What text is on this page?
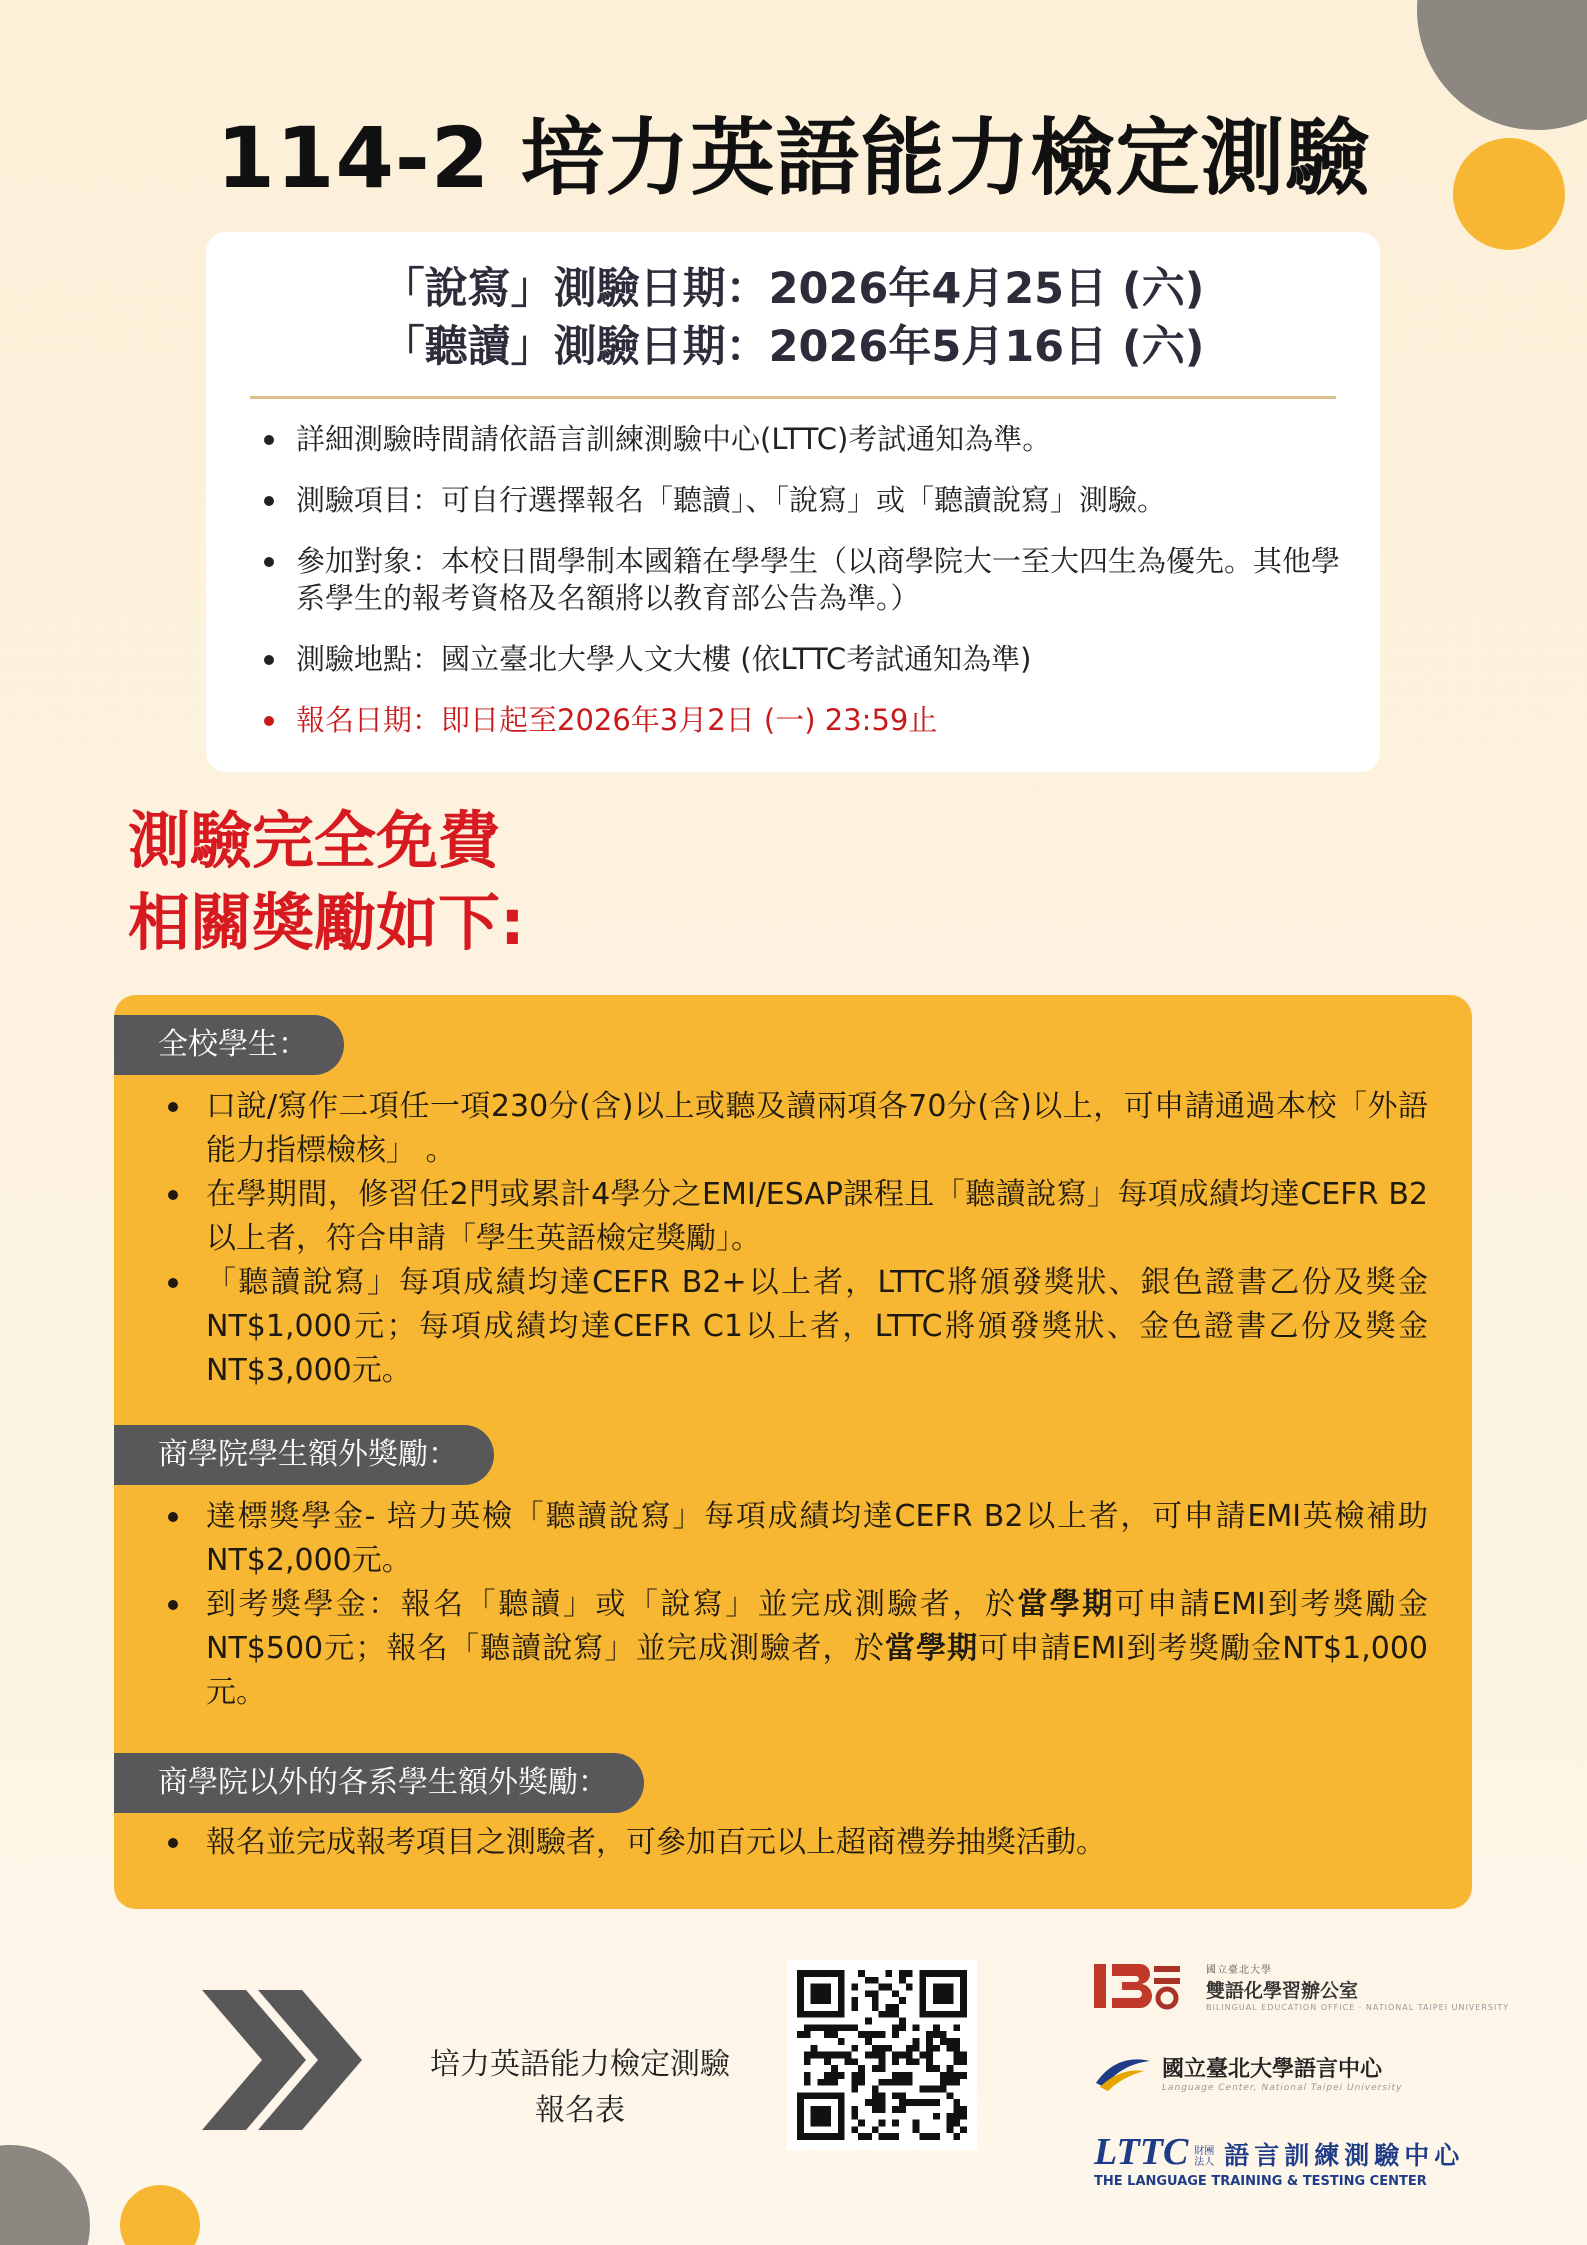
114-2 培力英語能力檢定測驗
「說寫」測驗日期：2026年4月25日 (六)
「聽讀」測驗日期：2026年5月16日 (六)
詳細測驗時間請依語言訓練測驗中心(LTTC)考試通知為準。
測驗項目：可自行選擇報名「聽讀」、「說寫」或「聽讀說寫」測驗。
參加對象：本校日間學制本國籍在學學生（以商學院大一至大四生為優先。其他學系學生的報考資格及名額將以教育部公告為準。）
測驗地點：國立臺北大學人文大樓 (依LTTC考試通知為準)
報名日期：即日起至2026年3月2日 (一) 23:59止
測驗完全免費
相關獎勵如下:
全校學生：
口說/寫作二項任一項230分(含)以上或聽及讀兩項各70分(含)以上，可申請通過本校「外語能力指標檢核」 。
在學期間，修習任2門或累計4學分之EMI/ESAP課程且「聽讀說寫」每項成績均達CEFR B2以上者，符合申請「學生英語檢定獎勵」。
「聽讀說寫」每項成績均達CEFR B2+以上者，LTTC將頒發獎狀、銀色證書乙份及獎金NT$1,000元；每項成績均達CEFR C1以上者，LTTC將頒發獎狀、金色證書乙份及獎金NT$3,000元。
商學院學生額外獎勵：
達標獎學金- 培力英檢「聽讀說寫」每項成績均達CEFR B2以上者，可申請EMI英檢補助NT$2,000元。
到考獎學金：報名「聽讀」或「說寫」並完成測驗者，於當學期可申請EMI到考獎勵金NT$500元；報名「聽讀說寫」並完成測驗者，於當學期可申請EMI到考獎勵金NT$1,000元。
商學院以外的各系學生額外獎勵：
報名並完成報考項目之測驗者，可參加百元以上超商禮券抽獎活動。
培力英語能力檢定測驗
報名表
國立臺北大學
雙語化學習辦公室
BILINGUAL EDUCATION OFFICE · NATIONAL TAIPEI UNIVERSITY
國立臺北大學語言中心
Language Center, National Taipei University
LTTC 財團法人 語言訓練測驗中心
THE LANGUAGE TRAINING & TESTING CENTER
